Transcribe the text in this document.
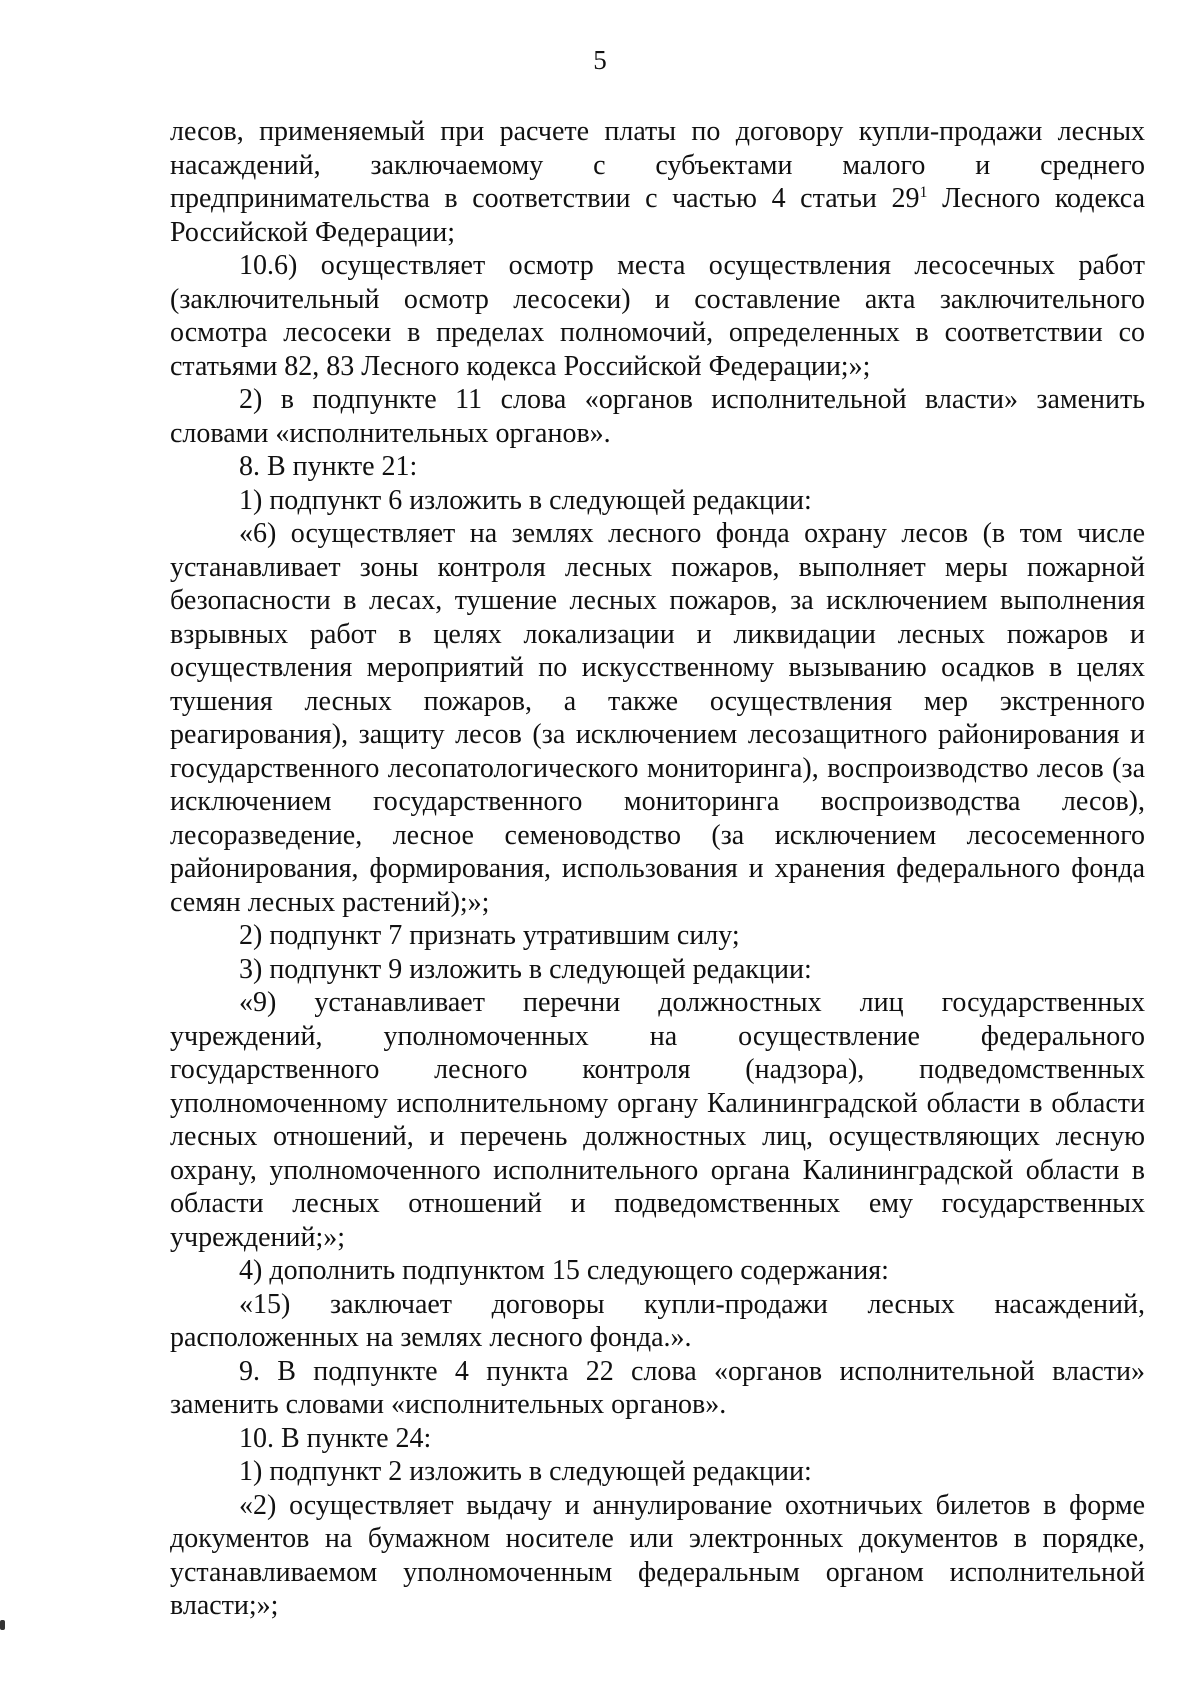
5

лесов, применяемый при расчете платы по договору купли-продажи лесных насаждений, заключаемому с субъектами малого и среднего предпринимательства в соответствии с частью 4 статьи $29^1$ Лесного кодекса Российской Федерации;

10.6) осуществляет осмотр места осуществления лесосечных работ (заключительный осмотр лесосеки) и составление акта заключительного осмотра лесосеки в пределах полномочий, определенных в соответствии со статьями 82, 83 Лесного кодекса Российской Федерации;»;

2) в подпункте 11 слова «органов исполнительной власти» заменить словами «исполнительных органов».

8. В пункте 21:

1) подпункт 6 изложить в следующей редакции:

«6) осуществляет на землях лесного фонда охрану лесов (в том числе устанавливает зоны контроля лесных пожаров, выполняет меры пожарной безопасности в лесах, тушение лесных пожаров, за исключением выполнения взрывных работ в целях локализации и ликвидации лесных пожаров и осуществления мероприятий по искусственному вызыванию осадков в целях тушения лесных пожаров, а также осуществления мер экстренного реагирования), защиту лесов (за исключением лесозащитного районирования и государственного лесопатологического мониторинга), воспроизводство лесов (за исключением государственного мониторинга воспроизводства лесов), лесоразведение, лесное семеноводство (за исключением лесосеменного районирования, формирования, использования и хранения федерального фонда семян лесных растений);»;

2) подпункт 7 признать утратившим силу;

3) подпункт 9 изложить в следующей редакции:

«9) устанавливает перечни должностных лиц государственных учреждений, уполномоченных на осуществление федерального государственного лесного контроля (надзора), подведомственных уполномоченному исполнительному органу Калининградской области в области лесных отношений, и перечень должностных лиц, осуществляющих лесную охрану, уполномоченного исполнительного органа Калининградской области в области лесных отношений и подведомственных ему государственных учреждений;»;

4) дополнить подпунктом 15 следующего содержания:

«15) заключает договоры купли-продажи лесных насаждений, расположенных на землях лесного фонда.».

9. В подпункте 4 пункта 22 слова «органов исполнительной власти» заменить словами «исполнительных органов».

10. В пункте 24:

1) подпункт 2 изложить в следующей редакции:

«2) осуществляет выдачу и аннулирование охотничьих билетов в форме документов на бумажном носителе или электронных документов в порядке, устанавливаемом уполномоченным федеральным органом исполнительной власти;»;
